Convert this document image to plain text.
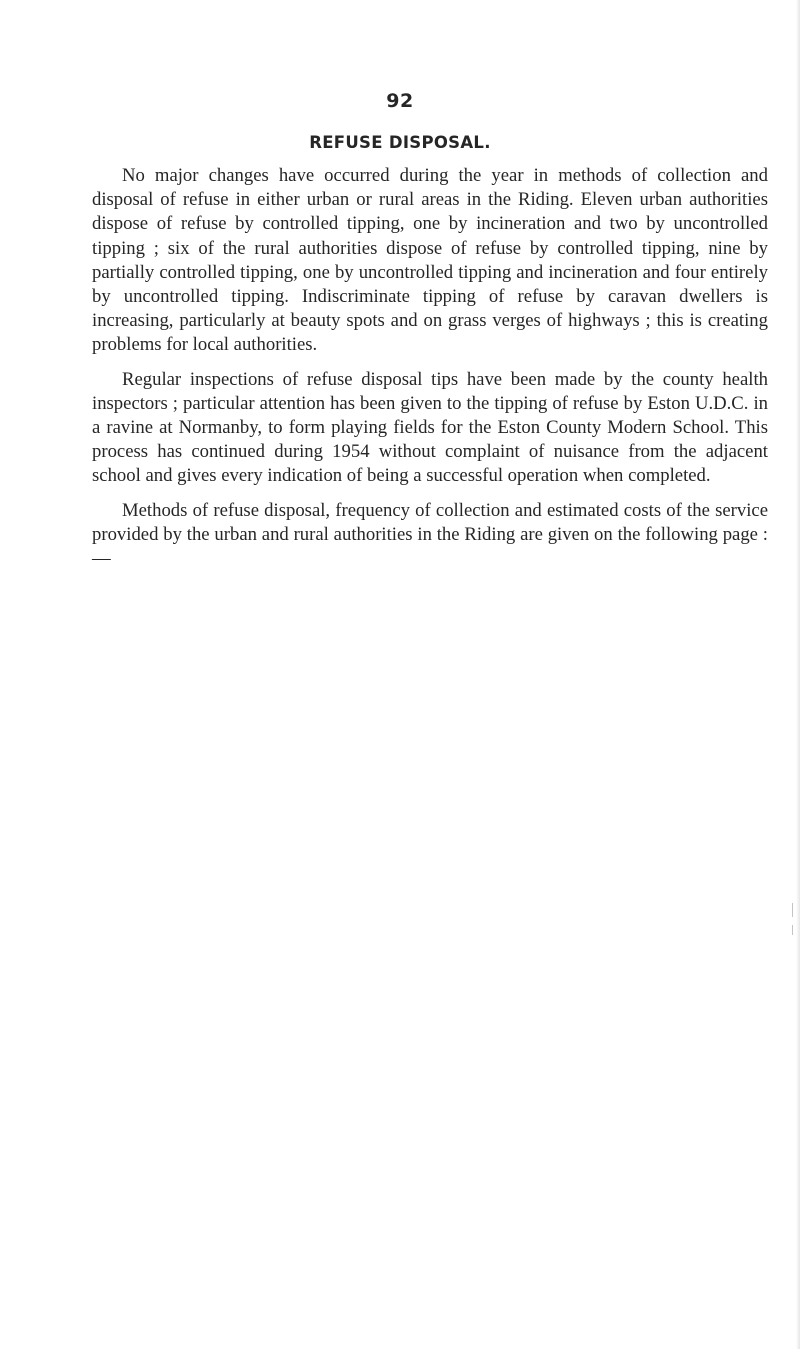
92
REFUSE DISPOSAL.

No major changes have occurred during the year in methods of collection and disposal of refuse in either urban or rural areas in the Riding. Eleven urban authorities dispose of refuse by controlled tipping, one by incineration and two by uncontrolled tipping ; six of the rural authorities dispose of refuse by controlled tipping, nine by partially controlled tipping, one by uncontrolled tipping and incineration and four entirely by uncontrolled tipping. Indiscriminate tipping of refuse by caravan dwellers is increasing, particularly at beauty spots and on grass verges of highways ; this is creating problems for local authorities.

Regular inspections of refuse disposal tips have been made by the county health inspectors ; particular attention has been given to the tipping of refuse by Eston U.D.C. in a ravine at Normanby, to form playing fields for the Eston County Modern School. This process has continued during 1954 without complaint of nuisance from the adjacent school and gives every indication of being a successful operation when completed.

Methods of refuse disposal, frequency of collection and estimated costs of the service provided by the urban and rural authorities in the Riding are given on the following page :—
